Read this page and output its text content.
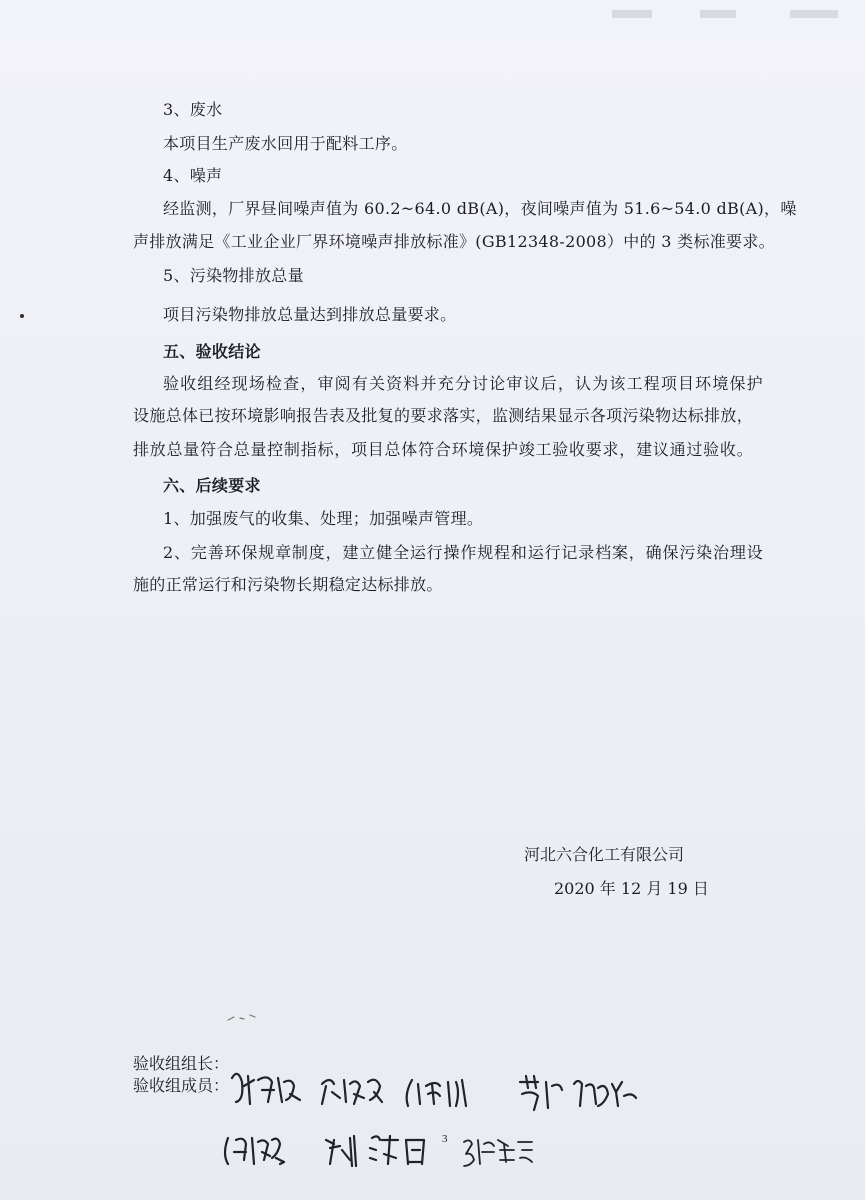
3、废水
本项目生产废水回用于配料工序。
4、噪声
经监测，厂界昼间噪声值为 60.2~64.0 dB(A)，夜间噪声值为 51.6~54.0 dB(A)，噪
声排放满足《工业企业厂界环境噪声排放标准》(GB12348-2008）中的 3 类标准要求。
5、污染物排放总量
项目污染物排放总量达到排放总量要求。
五、验收结论
验收组经现场检查，审阅有关资料并充分讨论审议后，认为该工程项目环境保护
设施总体已按环境影响报告表及批复的要求落实，监测结果显示各项污染物达标排放，
排放总量符合总量控制指标，项目总体符合环境保护竣工验收要求，建议通过验收。
六、后续要求
1、加强废气的收集、处理；加强噪声管理。
2、完善环保规章制度，建立健全运行操作规程和运行记录档案，确保污染治理设
施的正常运行和污染物长期稳定达标排放。
河北六合化工有限公司
2020 年 12 月 19 日
验收组组长：
验收组成员：
3
